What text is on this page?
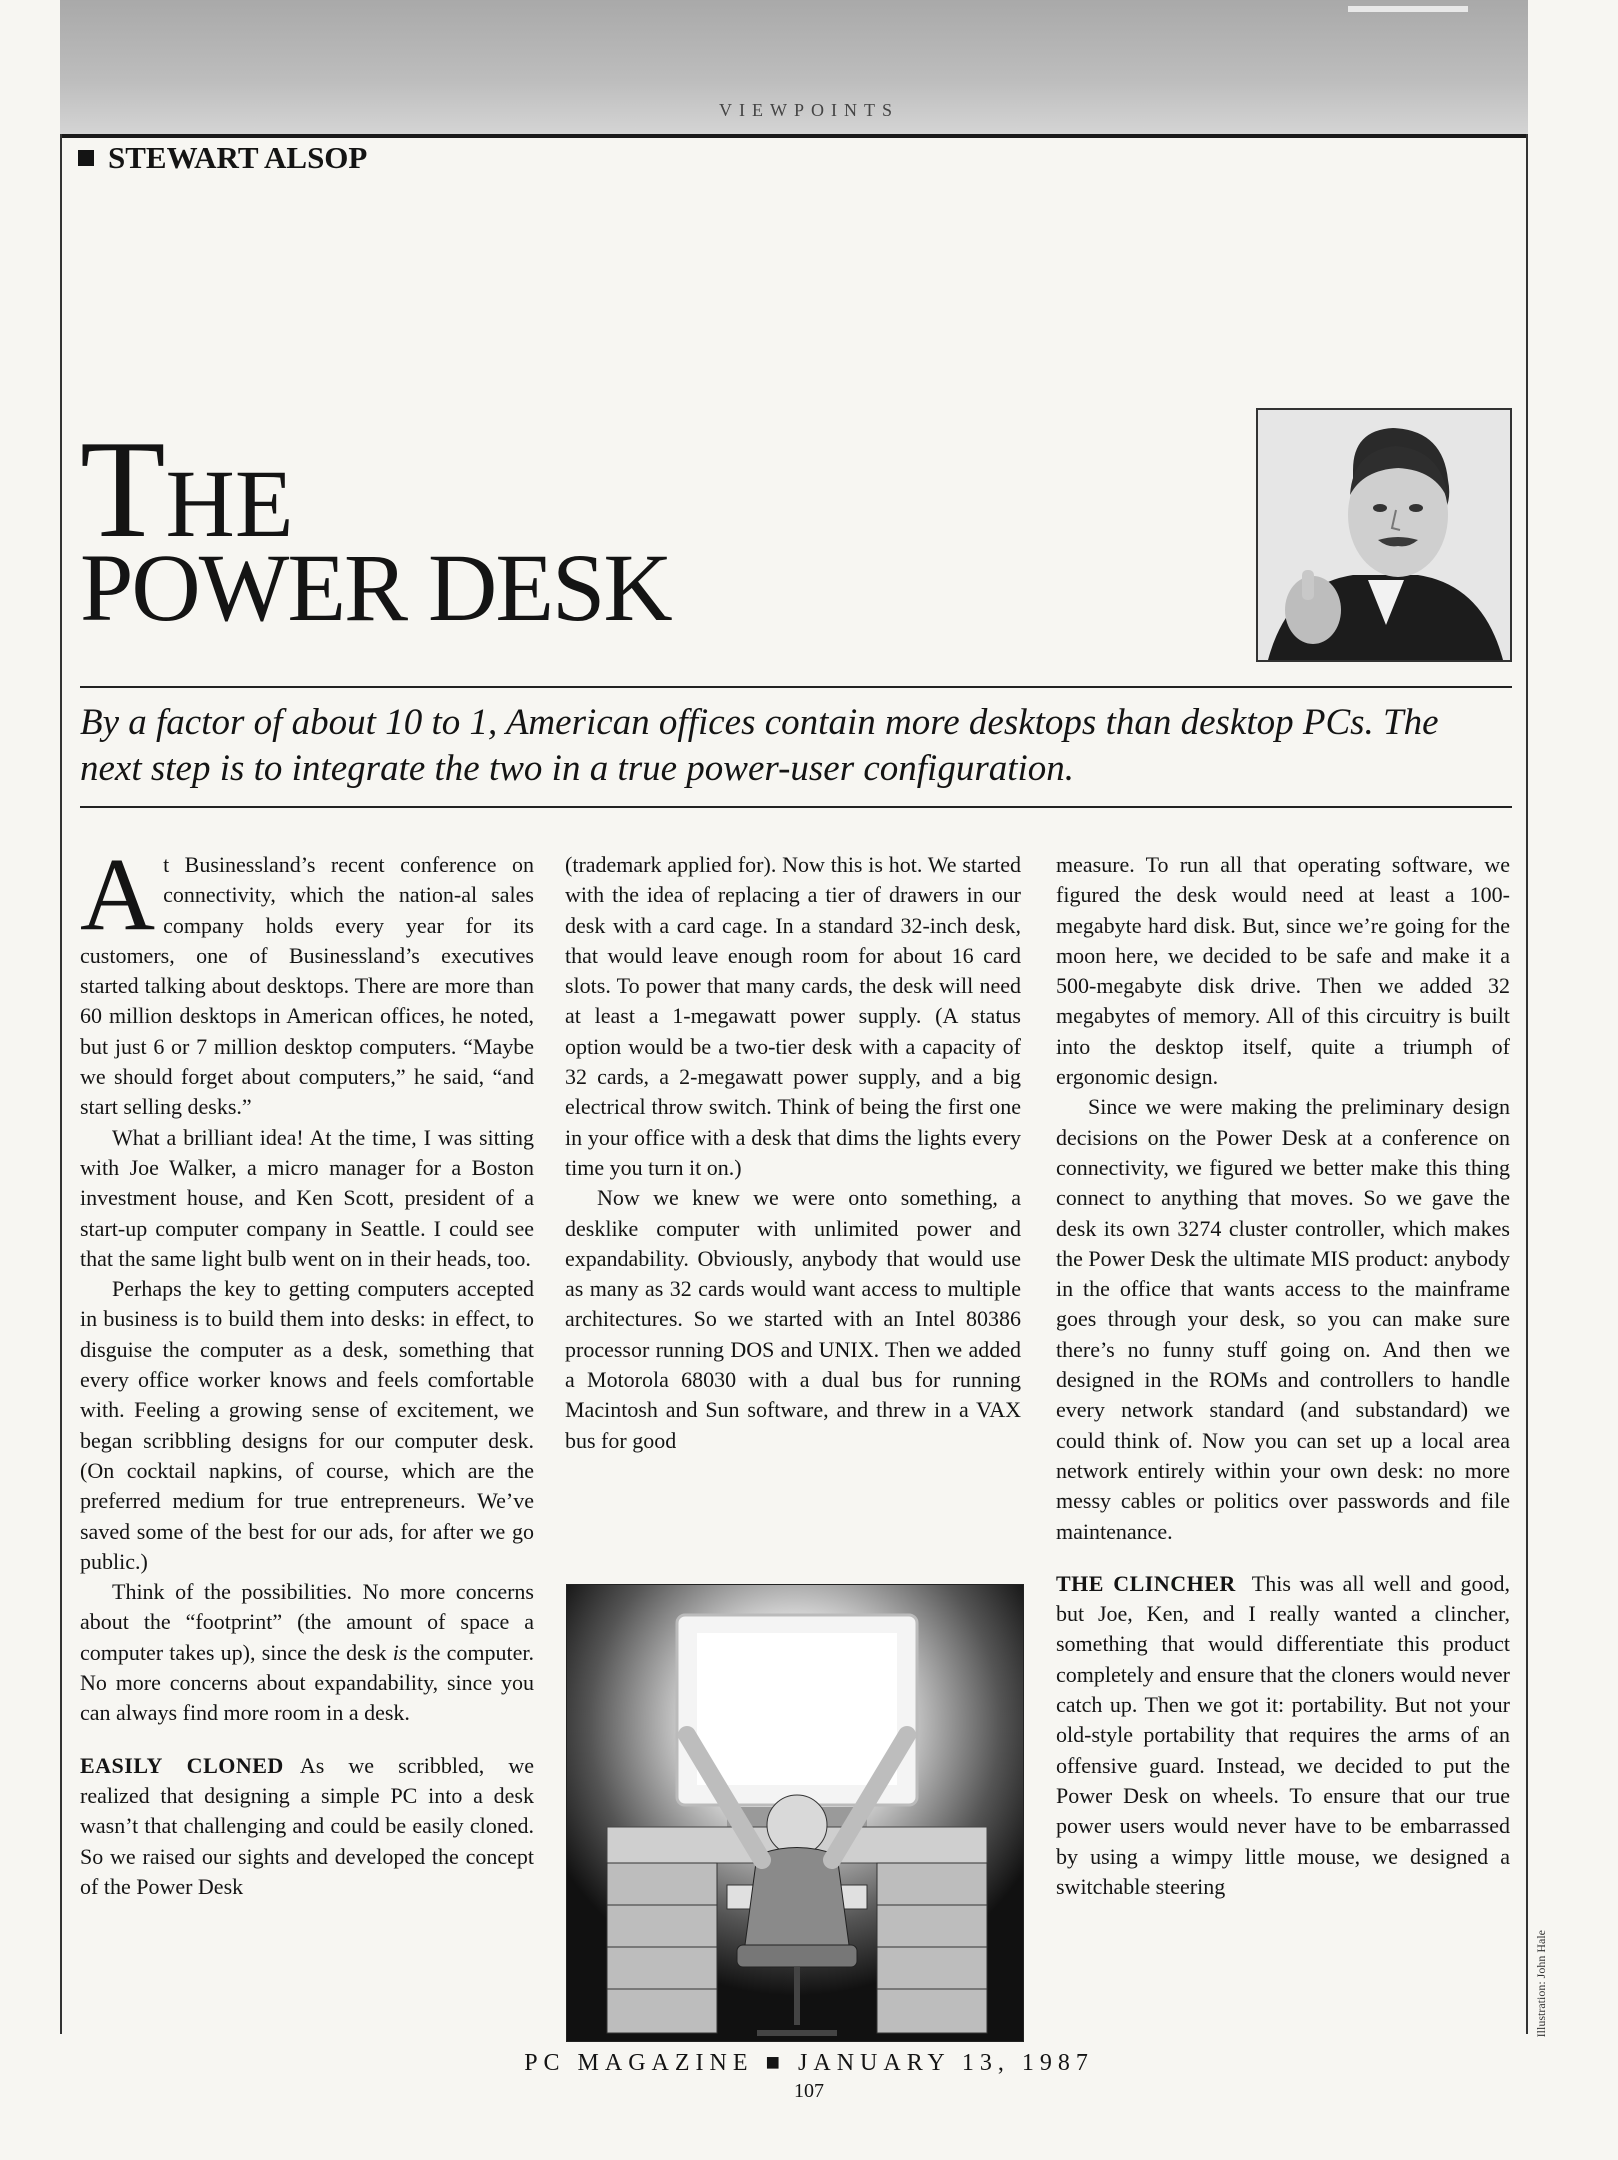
VIEWPOINTS
STEWART ALSOP
THE
POWER DESK
By a factor of about 10 to 1, American offices contain more desktops than desktop PCs. The next step is to integrate the two in a true power-user configuration.

At Businessland’s recent conference on connectivity, which the nation-al sales company holds every year for its customers, one of Businessland’s executives started talking about desktops. There are more than 60 million desktops in American offices, he noted, but just 6 or 7 million desktop computers. “Maybe we should forget about computers,” he said, “and start selling desks.”

What a brilliant idea! At the time, I was sitting with Joe Walker, a micro manager for a Boston investment house, and Ken Scott, president of a start-up computer company in Seattle. I could see that the same light bulb went on in their heads, too.

Perhaps the key to getting computers accepted in business is to build them into desks: in effect, to disguise the computer as a desk, something that every office worker knows and feels comfortable with. Feeling a growing sense of excitement, we began scribbling designs for our computer desk. (On cocktail napkins, of course, which are the preferred medium for true entrepreneurs. We’ve saved some of the best for our ads, for after we go public.)

Think of the possibilities. No more concerns about the “footprint” (the amount of space a computer takes up), since the desk is the computer. No more concerns about expandability, since you can always find more room in a desk.

EASILY CLONED As we scribbled, we realized that designing a simple PC into a desk wasn’t that challenging and could be easily cloned. So we raised our sights and developed the concept of the Power Desk

(trademark applied for). Now this is hot. We started with the idea of replacing a tier of drawers in our desk with a card cage. In a standard 32-inch desk, that would leave enough room for about 16 card slots. To power that many cards, the desk will need at least a 1-megawatt power supply. (A status option would be a two-tier desk with a capacity of 32 cards, a 2-megawatt power supply, and a big electrical throw switch. Think of being the first one in your office with a desk that dims the lights every time you turn it on.)

Now we knew we were onto something, a desklike computer with unlimited power and expandability. Obviously, anybody that would use as many as 32 cards would want access to multiple architectures. So we started with an Intel 80386 processor running DOS and UNIX. Then we added a Motorola 68030 with a dual bus for running Macintosh and Sun software, and threw in a VAX bus for good

measure. To run all that operating software, we figured the desk would need at least a 100-megabyte hard disk. But, since we’re going for the moon here, we decided to be safe and make it a 500-megabyte disk drive. Then we added 32 megabytes of memory. All of this circuitry is built into the desktop itself, quite a triumph of ergonomic design.

Since we were making the preliminary design decisions on the Power Desk at a conference on connectivity, we figured we better make this thing connect to anything that moves. So we gave the desk its own 3274 cluster controller, which makes the Power Desk the ultimate MIS product: anybody in the office that wants access to the mainframe goes through your desk, so you can make sure there’s no funny stuff going on. And then we designed in the ROMs and controllers to handle every network standard (and substandard) we could think of. Now you can set up a local area network entirely within your own desk: no more messy cables or politics over passwords and file maintenance.

THE CLINCHER This was all well and good, but Joe, Ken, and I really wanted a clincher, something that would differentiate this product completely and ensure that the cloners would never catch up. Then we got it: portability. But not your old-style portability that requires the arms of an offensive guard. Instead, we decided to put the Power Desk on wheels. To ensure that our true power users would never have to be embarrassed by using a wimpy little mouse, we designed a switchable steering

Illustration: John Hale
PC MAGAZINE ■ JANUARY 13, 1987
107
